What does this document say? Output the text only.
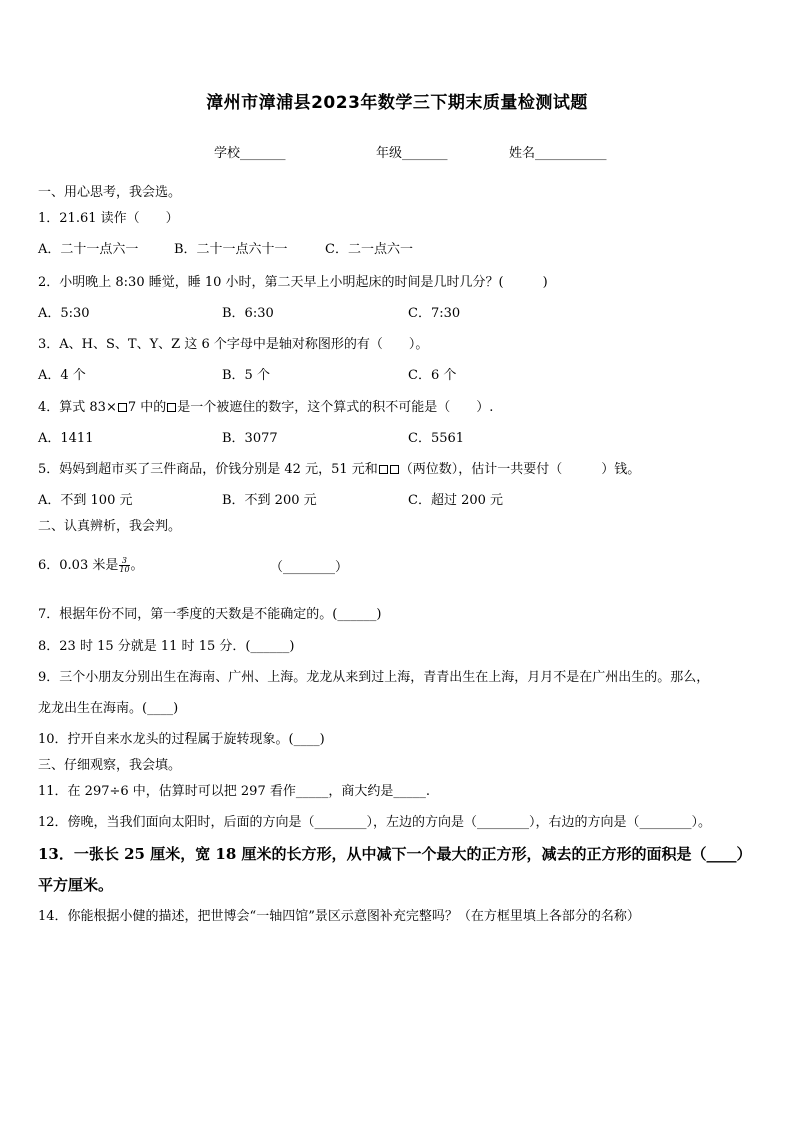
漳州市漳浦县2023年数学三下期末质量检测试题
学校_______	年级_______	姓名___________
一、用心思考，我会选。
1．21.61 读作（　　）
A．二十一点六一	B．二十一点六十一	C．二一点六一
2．小明晚上 8:30 睡觉，睡 10 小时，第二天早上小明起床的时间是几时几分？(　　　)
A．5:30	B．6:30	C．7:30
3．A、H、S、T、Y、Z 这 6 个字母中是轴对称图形的有（　　）。
A．4 个	B．5 个	C．6 个
4．算式 83× 7 中的 是一个被遮住的数字，这个算式的积不可能是（　　）.
A．1411	B．3077	C．5561
5．妈妈到超市买了三件商品，价钱分别是 42 元，51 元和 （两位数），估计一共要付（　　　）钱。
A．不到 100 元	B．不到 200 元	C．超过 200 元
二、认真辨析，我会判。
6．0.03 米是 $\frac{3}{10}$ 。	（________）
7．根据年份不同，第一季度的天数是不能确定的。(______)
8．23 时 15 分就是 11 时 15 分．(______)
9．三个小朋友分别出生在海南、广州、上海。龙龙从来到过上海，青青出生在上海，月月不是在广州出生的。那么，
龙龙出生在海南。(____)
10．拧开自来水龙头的过程属于旋转现象。(____)
三、仔细观察，我会填。
11．在 297÷6 中，估算时可以把 297 看作_____，商大约是_____.
12．傍晚，当我们面向太阳时，后面的方向是（________），左边的方向是（________），右边的方向是（________）。
13．一张长 25 厘米，宽 18 厘米的长方形，从中减下一个最大的正方形，减去的正方形的面积是（____）
平方厘米。
14．你能根据小健的描述，把世博会“一轴四馆”景区示意图补充完整吗？（在方框里填上各部分的名称）
